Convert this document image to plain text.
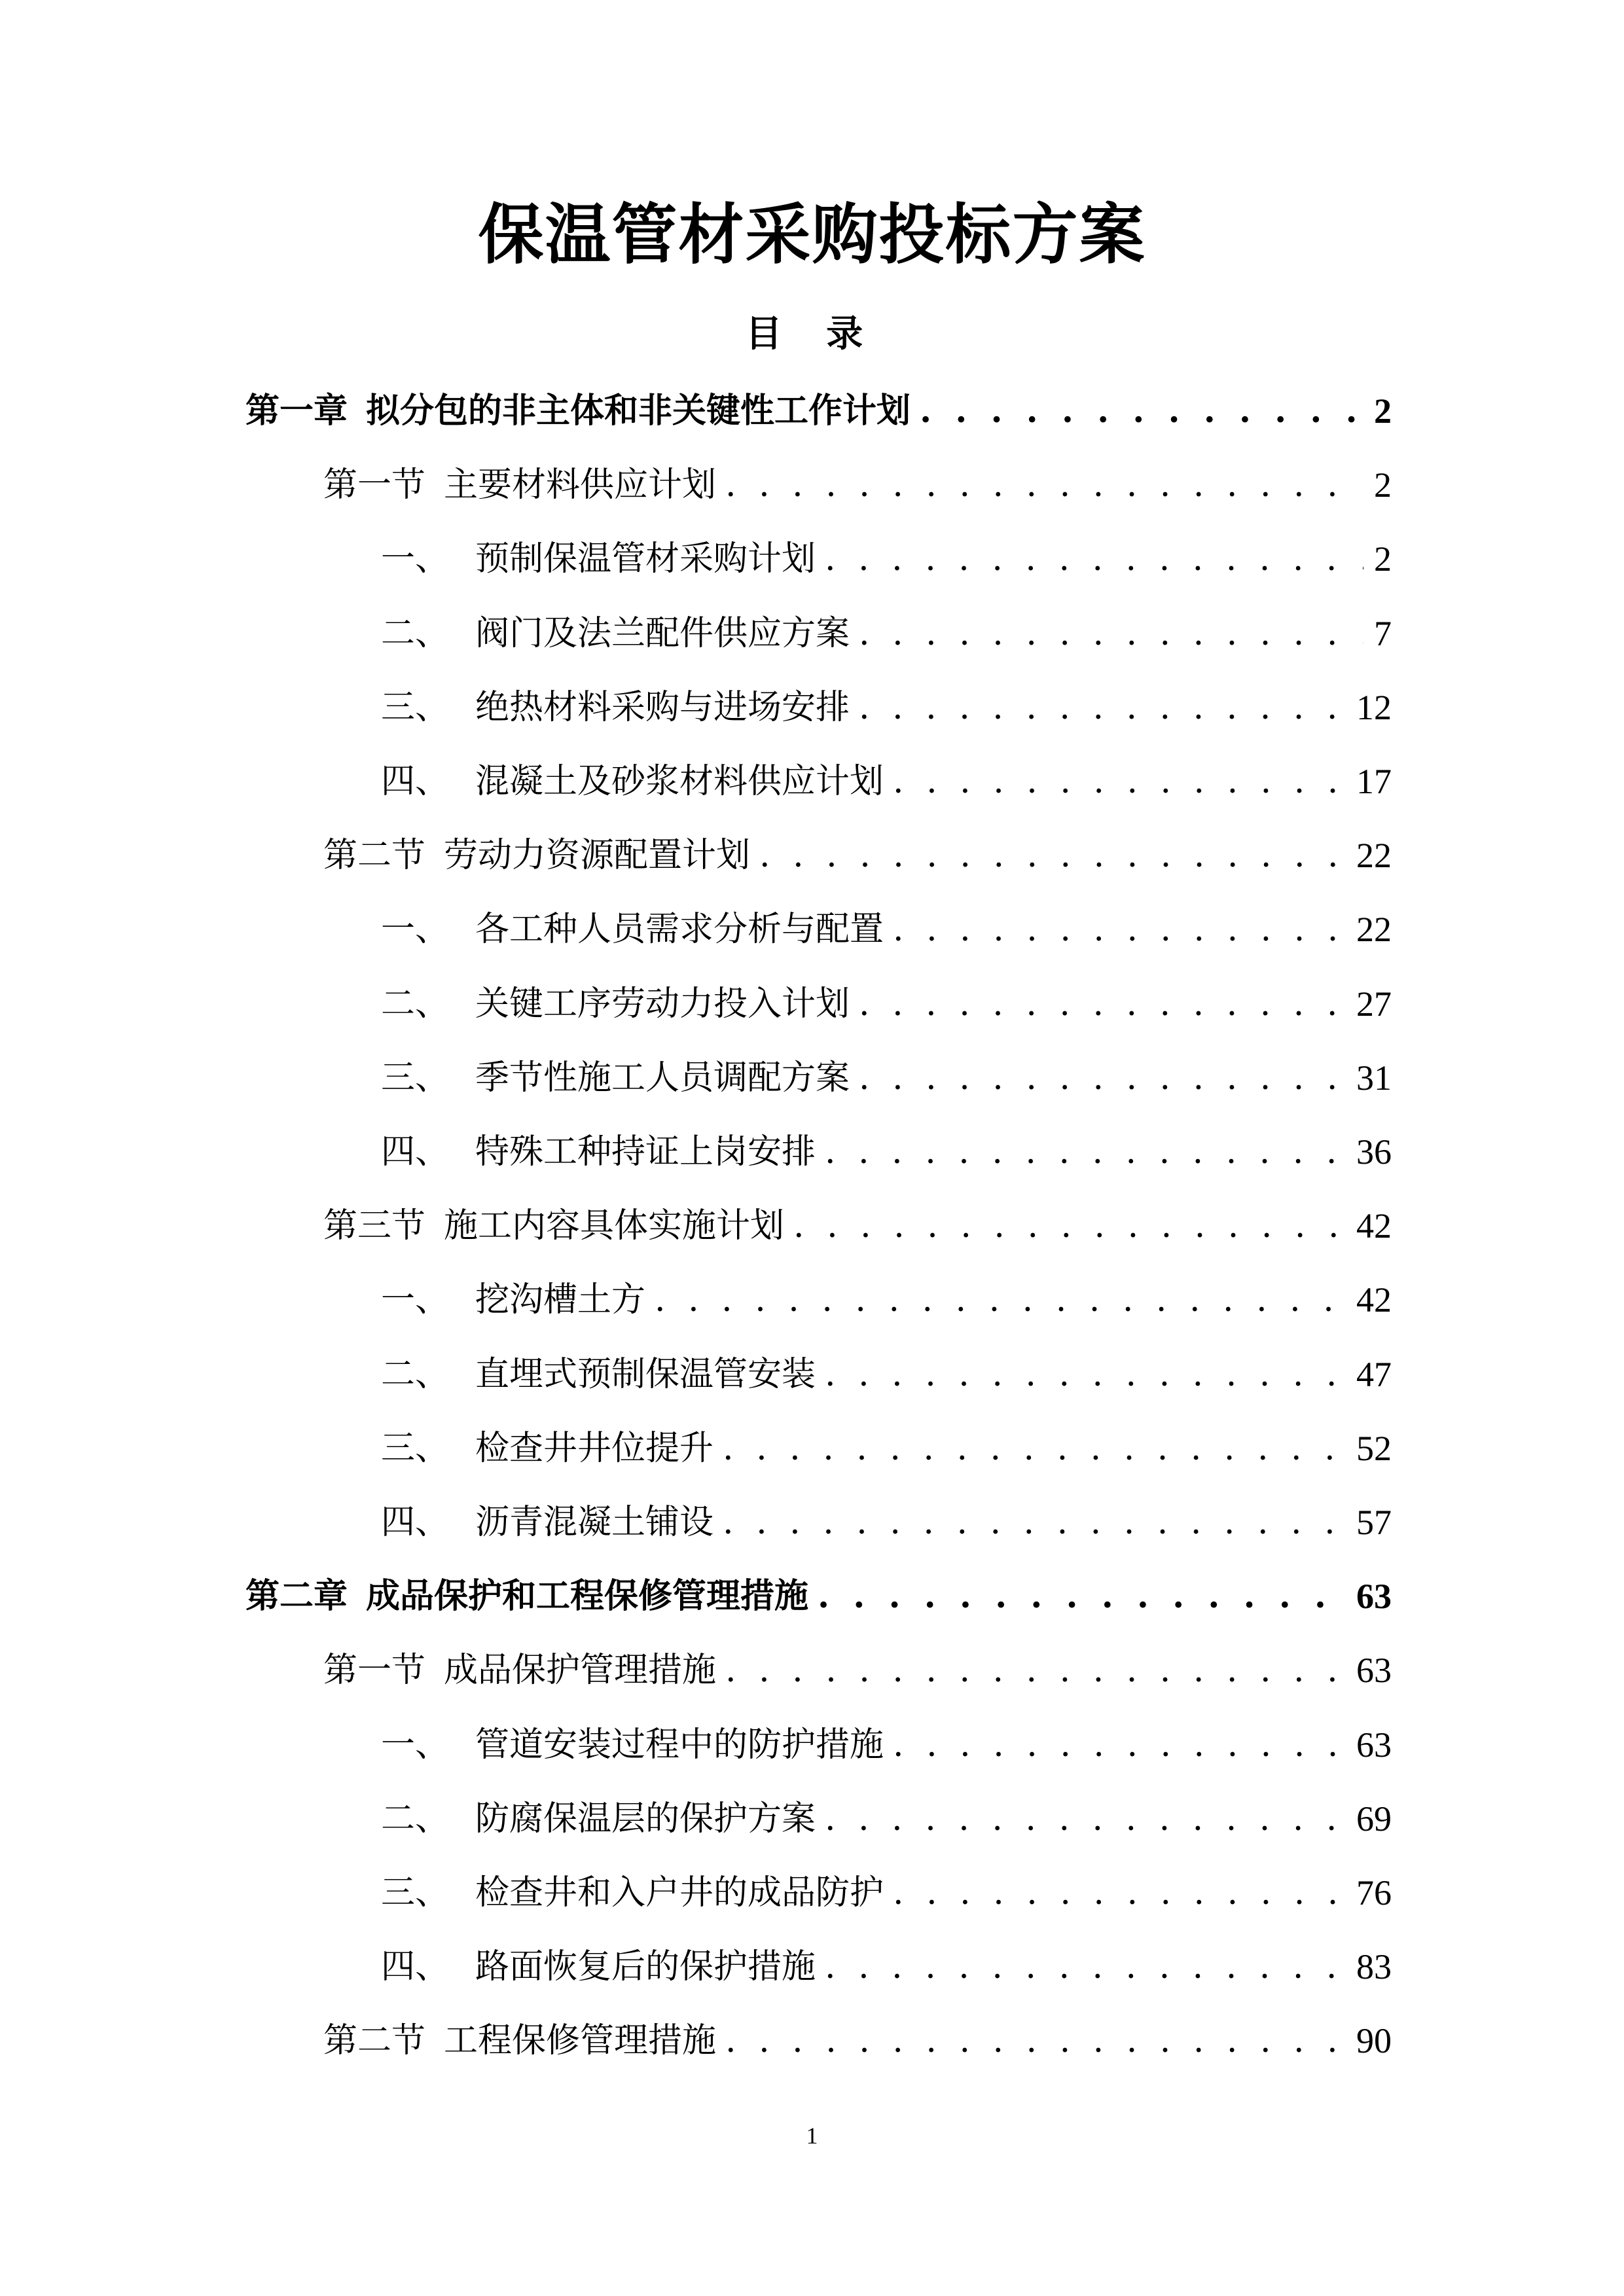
保温管材采购投标方案
目 录
第一章 拟分包的非主体和非关键性工作计划 . . .	2
第一节 主要材料供应计划 . . .	2
一、 预制保温管材采购计划 . . .	2
二、 阀门及法兰配件供应方案 . . .	7
三、 绝热材料采购与进场安排 . . .	12
四、 混凝土及砂浆材料供应计划 . . .	17
第二节 劳动力资源配置计划 . . .	22
一、 各工种人员需求分析与配置 . . .	22
二、 关键工序劳动力投入计划 . . .	27
三、 季节性施工人员调配方案 . . .	31
四、 特殊工种持证上岗安排 . . .	36
第三节 施工内容具体实施计划 . . .	42
一、 挖沟槽土方 . . .	42
二、 直埋式预制保温管安装 . . .	47
三、 检查井井位提升 . . .	52
四、 沥青混凝土铺设 . . .	57
第二章 成品保护和工程保修管理措施 . . .	63
第一节 成品保护管理措施 . . .	63
一、 管道安装过程中的防护措施 . . .	63
二、 防腐保温层的保护方案 . . .	69
三、 检查井和入户井的成品防护 . . .	76
四、 路面恢复后的保护措施 . . .	83
第二节 工程保修管理措施 . . .	90
1
